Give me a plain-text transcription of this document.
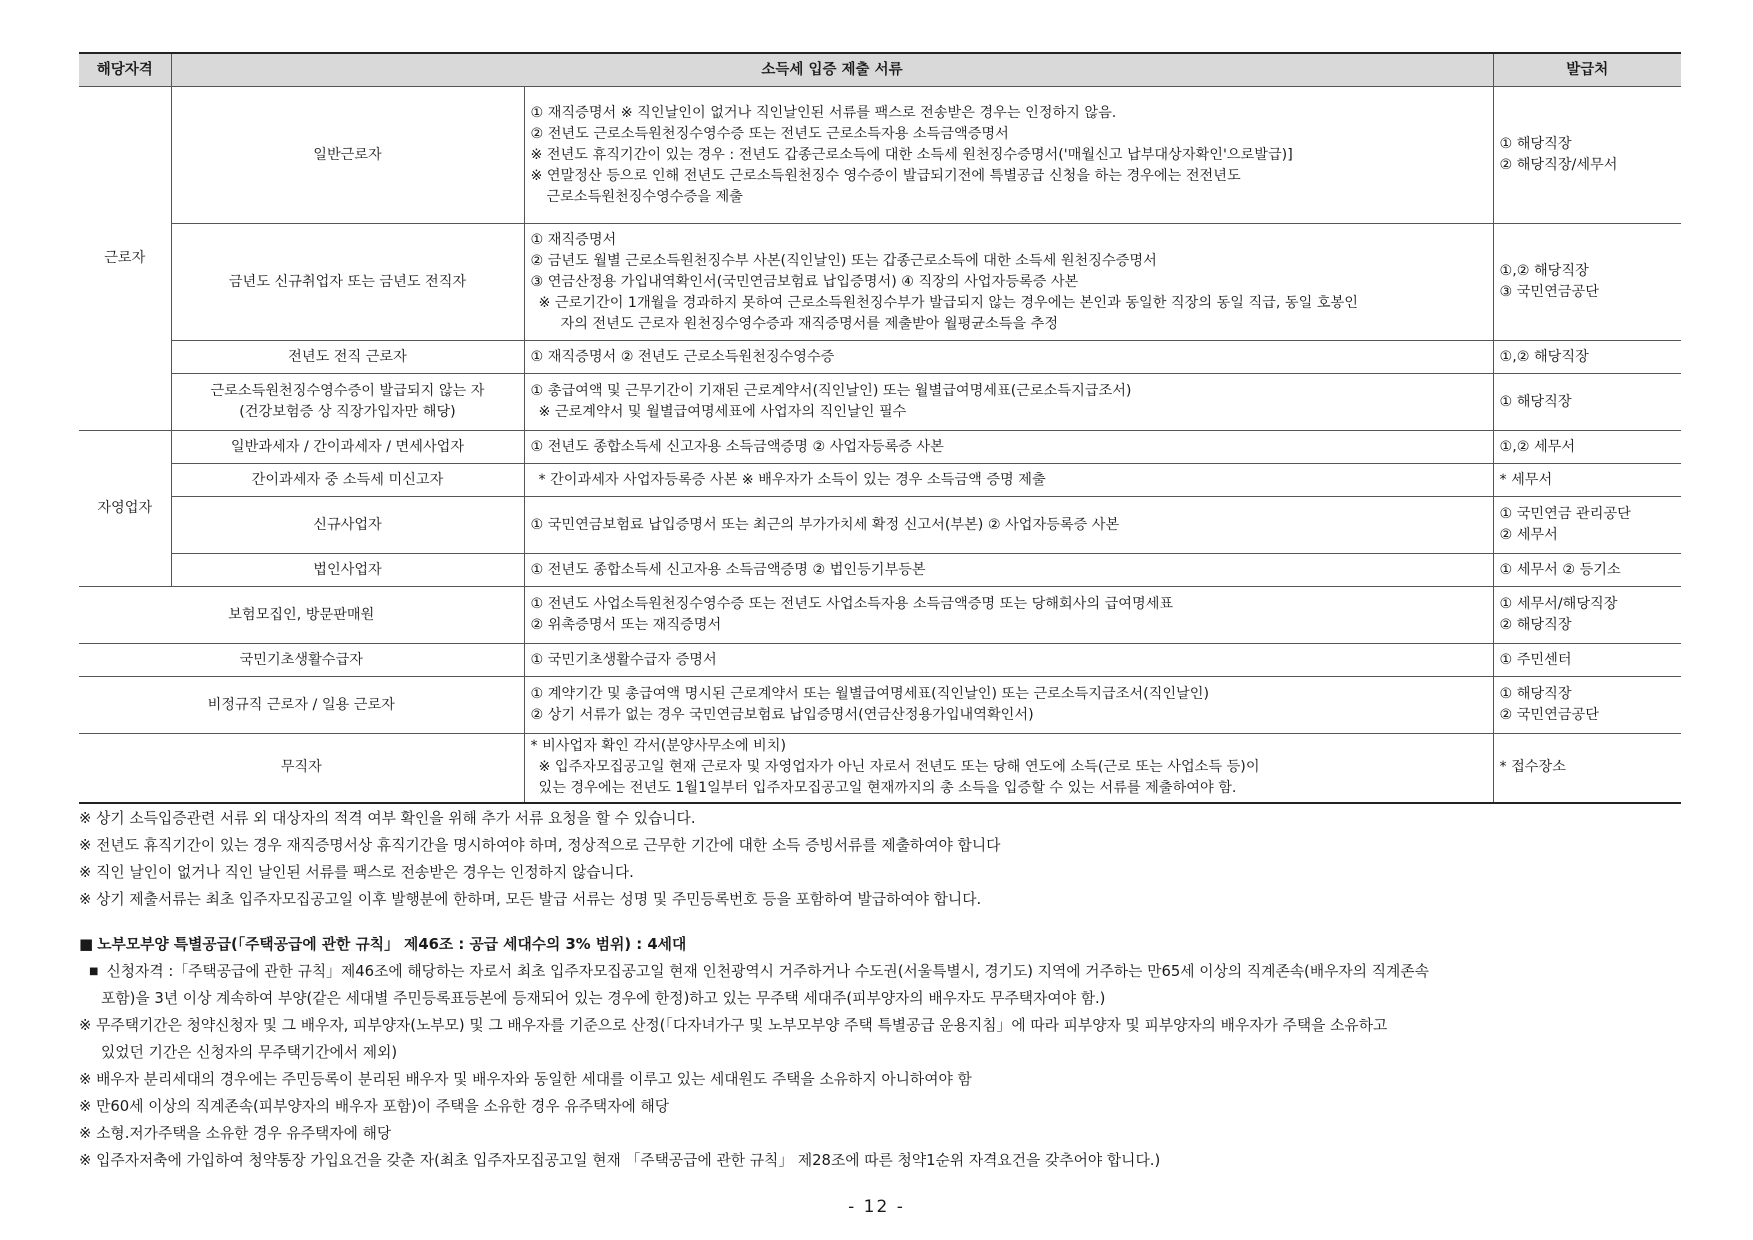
해당자격	소득세 입증 제출 서류		발급처
근로자	일반근로자	① 재직증명서 ※ 직인날인이 없거나 직인날인된 서류를 팩스로 전송받은 경우는 인정하지 않음.
② 전년도 근로소득원천징수영수증 또는 전년도 근로소득자용 소득금액증명서
※ 전년도 휴직기간이 있는 경우 : 전년도 갑종근로소득에 대한 소득세 원천징수증명서('매월신고 납부대상자확인'으로발급)]
※ 연말정산 등으로 인해 전년도 근로소득원천징수 영수증이 발급되기전에 특별공급 신청을 하는 경우에는 전전년도
근로소득원천징수영수증을 제출	① 해당직장
② 해당직장/세무서

	금년도 신규취업자 또는 금년도 전직자	① 재직증명서
② 금년도 월별 근로소득원천징수부 사본(직인날인) 또는 갑종근로소득에 대한 소득세 원천징수증명서
③ 연금산정용 가입내역확인서(국민연금보험료 납입증명서) ④ 직장의 사업자등록증 사본
※ 근로기간이 1개월을 경과하지 못하여 근로소득원천징수부가 발급되지 않는 경우에는 본인과 동일한 직장의 동일 직급, 동일 호봉인
자의 전년도 근로자 원천징수영수증과 재직증명서를 제출받아 월평균소득을 추정	①,② 해당직장
③ 국민연금공단

	전년도 전직 근로자	① 재직증명서 ② 전년도 근로소득원천징수영수증	①,② 해당직장

	근로소득원천징수영수증이 발급되지 않는 자
(건강보험증 상 직장가입자만 해당)	① 총급여액 및 근무기간이 기재된 근로계약서(직인날인) 또는 월별급여명세표(근로소득지급조서)
※ 근로계약서 및 월별급여명세표에 사업자의 직인날인 필수	① 해당직장

자영업자	일반과세자 / 간이과세자 / 면세사업자	① 전년도 종합소득세 신고자용 소득금액증명 ② 사업자등록증 사본	①,② 세무서

	간이과세자 중 소득세 미신고자	* 간이과세자 사업자등록증 사본 ※ 배우자가 소득이 있는 경우 소득금액 증명 제출	* 세무서

	신규사업자	① 국민연금보험료 납입증명서 또는 최근의 부가가치세 확정 신고서(부본) ② 사업자등록증 사본	① 국민연금 관리공단
② 세무서

	법인사업자	① 전년도 종합소득세 신고자용 소득금액증명 ② 법인등기부등본	① 세무서 ② 등기소

보험모집인, 방문판매원		① 전년도 사업소득원천징수영수증 또는 전년도 사업소득자용 소득금액증명 또는 당해회사의 급여명세표
② 위촉증명서 또는 재직증명서	① 세무서/해당직장
② 해당직장

국민기초생활수급자		① 국민기초생활수급자 증명서	① 주민센터

비정규직 근로자 / 일용 근로자		① 계약기간 및 총급여액 명시된 근로계약서 또는 월별급여명세표(직인날인) 또는 근로소득지급조서(직인날인)
② 상기 서류가 없는 경우 국민연금보험료 납입증명서(연금산정용가입내역확인서)	① 해당직장
② 국민연금공단

무직자		* 비사업자 확인 각서(분양사무소에 비치)
※ 입주자모집공고일 현재 근로자 및 자영업자가 아닌 자로서 전년도 또는 당해 연도에 소득(근로 또는 사업소득 등)이
있는 경우에는 전년도 1월1일부터 입주자모집공고일 현재까지의 총 소득을 입증할 수 있는 서류를 제출하여야 함.	* 접수장소
※ 상기 소득입증관련 서류 외 대상자의 적격 여부 확인을 위해 추가 서류 요청을 할 수 있습니다.
※ 전년도 휴직기간이 있는 경우 재직증명서상 휴직기간을 명시하여야 하며, 정상적으로 근무한 기간에 대한 소득 증빙서류를 제출하여야 합니다
※ 직인 날인이 없거나 직인 날인된 서류를 팩스로 전송받은 경우는 인정하지 않습니다.
※ 상기 제출서류는 최초 입주자모집공고일 이후 발행분에 한하며, 모든 발급 서류는 성명 및 주민등록번호 등을 포함하여 발급하여야 합니다.
■ 노부모부양 특별공급(「주택공급에 관한 규칙」 제46조 : 공급 세대수의 3% 범위) : 4세대
■ 신청자격 :「주택공급에 관한 규칙」제46조에 해당하는 자로서 최초 입주자모집공고일 현재 인천광역시 거주하거나 수도권(서울특별시, 경기도) 지역에 거주하는 만65세 이상의 직계존속(배우자의 직계존속
포함)을 3년 이상 계속하여 부양(같은 세대별 주민등록표등본에 등재되어 있는 경우에 한정)하고 있는 무주택 세대주(피부양자의 배우자도 무주택자여야 함.)
※ 무주택기간은 청약신청자 및 그 배우자, 피부양자(노부모) 및 그 배우자를 기준으로 산정(「다자녀가구 및 노부모부양 주택 특별공급 운용지침」에 따라 피부양자 및 피부양자의 배우자가 주택을 소유하고
있었던 기간은 신청자의 무주택기간에서 제외)
※ 배우자 분리세대의 경우에는 주민등록이 분리된 배우자 및 배우자와 동일한 세대를 이루고 있는 세대원도 주택을 소유하지 아니하여야 함
※ 만60세 이상의 직계존속(피부양자의 배우자 포함)이 주택을 소유한 경우 유주택자에 해당
※ 소형.저가주택을 소유한 경우 유주택자에 해당
※ 입주자저축에 가입하여 청약통장 가입요건을 갖춘 자(최초 입주자모집공고일 현재 「주택공급에 관한 규칙」 제28조에 따른 청약1순위 자격요건을 갖추어야 합니다.)
- 12 -
